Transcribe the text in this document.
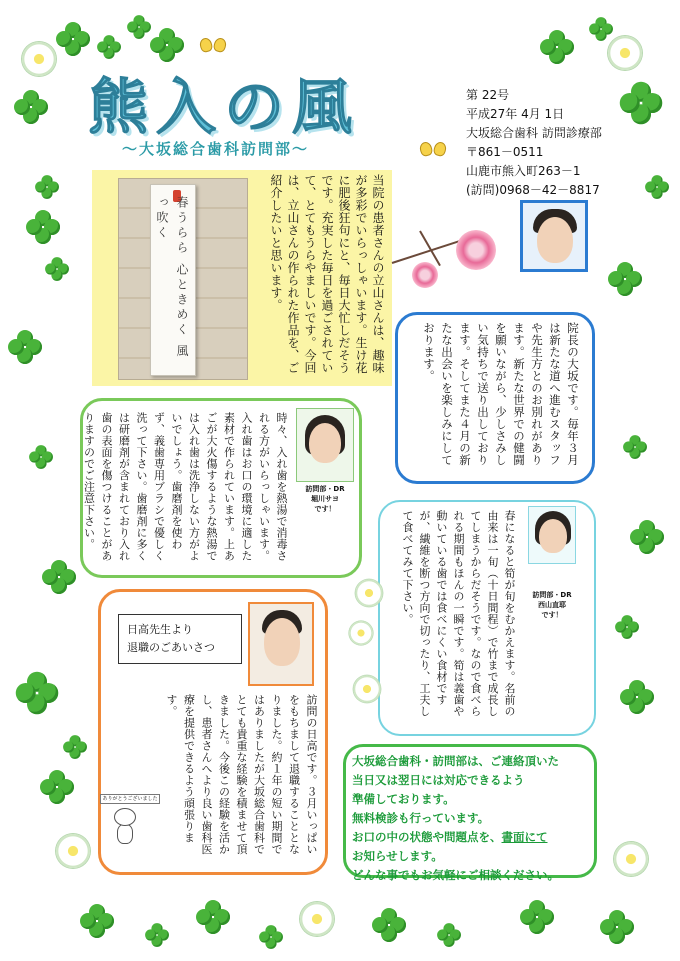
熊入の風
～大坂総合歯科訪問部～
第 22号
平成27年 4月 1日
大坂総合歯科 訪問診療部
〒861－0511
山鹿市熊入町263－1
(訪問)0968－42－8817
春うらら 心ときめく 風っ吹く	当院の患者さんの立山さんは、趣味が多彩でいらっしゃいます。生け花に肥後狂句にと、毎日大忙しだそうです。充実した毎日を過ごされていて、とてもうらやましいです。今回は、立山さんの作られた作品を、ご紹介したいと思います。
院長の大坂です。毎年３月は新たな道へ進むスタッフや先生方とのお別れがあります。新たな世界での健闘を願いながら、少しさみしい気持ちで送り出しております。そしてまた４月の新たな出会いを楽しみにしております。
訪問部・DR
堀川サヨ
です！
時々、入れ歯を熱湯で消毒される方がいらっしゃいます。入れ歯はお口の環境に適した素材で作られています。上あごが大火傷するような熱湯では入れ歯は洗浄しない方がよいでしょう。歯磨剤を使わず、義歯専用ブラシで優しく洗って下さい。歯磨剤に多くは研磨剤が含まれており入れ歯の表面を傷つけることがありますのでご注意下さい。
訪問部・DR
西山直耶
です！
春になると筍が旬をむかえます。名前の由来は一旬（十日間程）で竹まで成長してしまうからだそうです。なので食べられる期間もほんの一瞬です。筍は義歯や動いている歯では食べにくい食材ですが、繊維を断つ方向で切ったり、工夫して食べてみて下さい。
日高先生より
退職のごあいさつ
訪問の日高です。３月いっぱいをもちまして退職することとなりました。約１年の短い期間ではありましたが大坂総合歯科でとても貴重な経験を積ませて頂きました。今後この経験を活かし、患者さんへより良い歯科医療を提供できるよう頑張ります。
ありがとうございました
大坂総合歯科・訪問部は、ご連絡頂いた
当日又は翌日には対応できるよう
準備しております。
無料検診も行っています。
お口の中の状態や問題点を、書面にて
お知らせします。
どんな事でもお気軽にご相談ください。
